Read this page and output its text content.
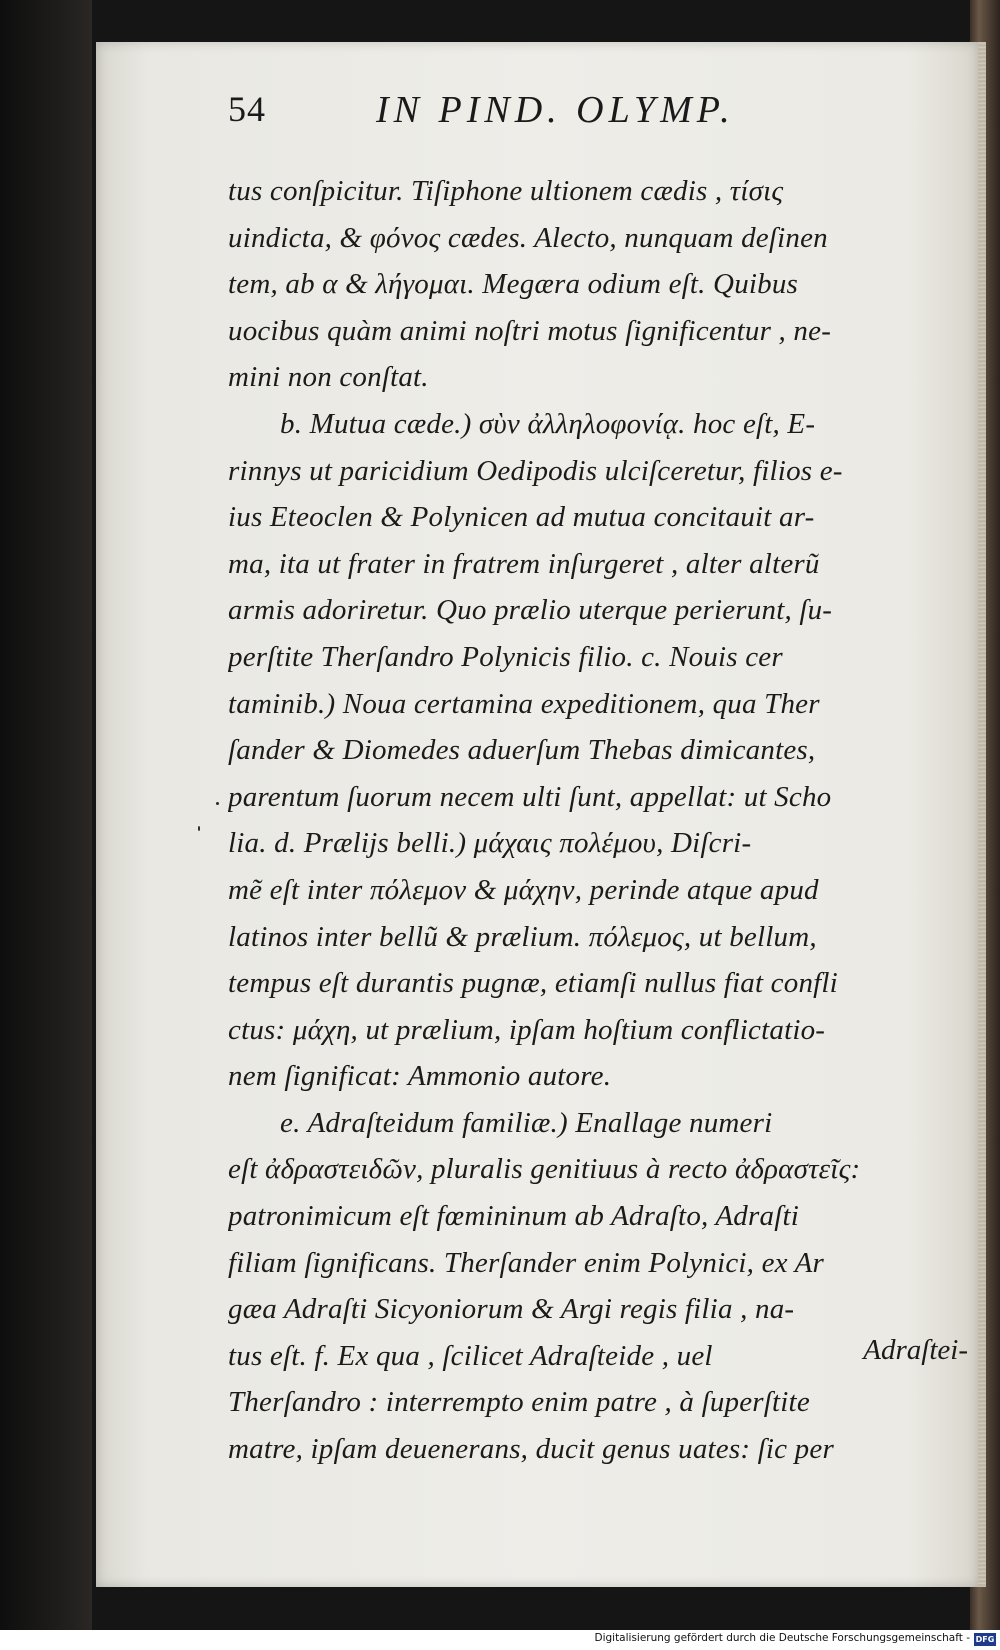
54	IN PIND. OLYMP.
tus conſpicitur. Tiſiphone ultionem cædis , τίσις
uindicta, & φόνος cædes. Alecto, nunquam deſinen
tem, ab α & λήγομαι. Megæra odium eſt. Quibus
uocibus quàm animi noſtri motus ſignificentur , ne-
mini non conſtat.
b. Mutua cæde.) σὺν ἀλληλοφονίᾳ. hoc eſt, E-
rinnys ut paricidium Oedipodis ulciſceretur, filios e-
ius Eteoclen & Polynicen ad mutua concitauit ar-
ma, ita ut frater in fratrem inſurgeret , alter alterũ
armis adoriretur. Quo prælio uterque perierunt, ſu-
perſtite Therſandro Polynicis filio. c. Nouis cer
taminib.) Noua certamina expeditionem, qua Ther
ſander & Diomedes aduerſum Thebas dimicantes,
parentum ſuorum necem ulti ſunt, appellat: ut Scho
lia. d. Prælijs belli.) μάχαις πολέμου, Diſcri-
mẽ eſt inter πόλεμον & μάχην, perinde atque apud
latinos inter bellũ & prælium. πόλεμος, ut bellum,
tempus eſt durantis pugnæ, etiamſi nullus fiat confli
ctus: μάχη, ut prælium, ipſam hoſtium conflictatio-
nem ſignificat: Ammonio autore.
e. Adraſteidum familiæ.) Enallage numeri
eſt ἀδραστειδῶν, pluralis genitiuus à recto ἀδραστεῖς:
patronimicum eſt fœmininum ab Adraſto, Adraſti
filiam ſignificans. Therſander enim Polynici, ex Ar
gæa Adraſti Sicyoniorum & Argi regis filia , na-
tus eſt. f. Ex qua , ſcilicet Adraſteide , uel
Therſandro : interrempto enim patre , à ſuperſtite
matre, ipſam deuenerans, ducit genus uates: ſic per
Adraſtei-
Digitalisierung gefördert durch die Deutsche Forschungsgemeinschaft - DFG
